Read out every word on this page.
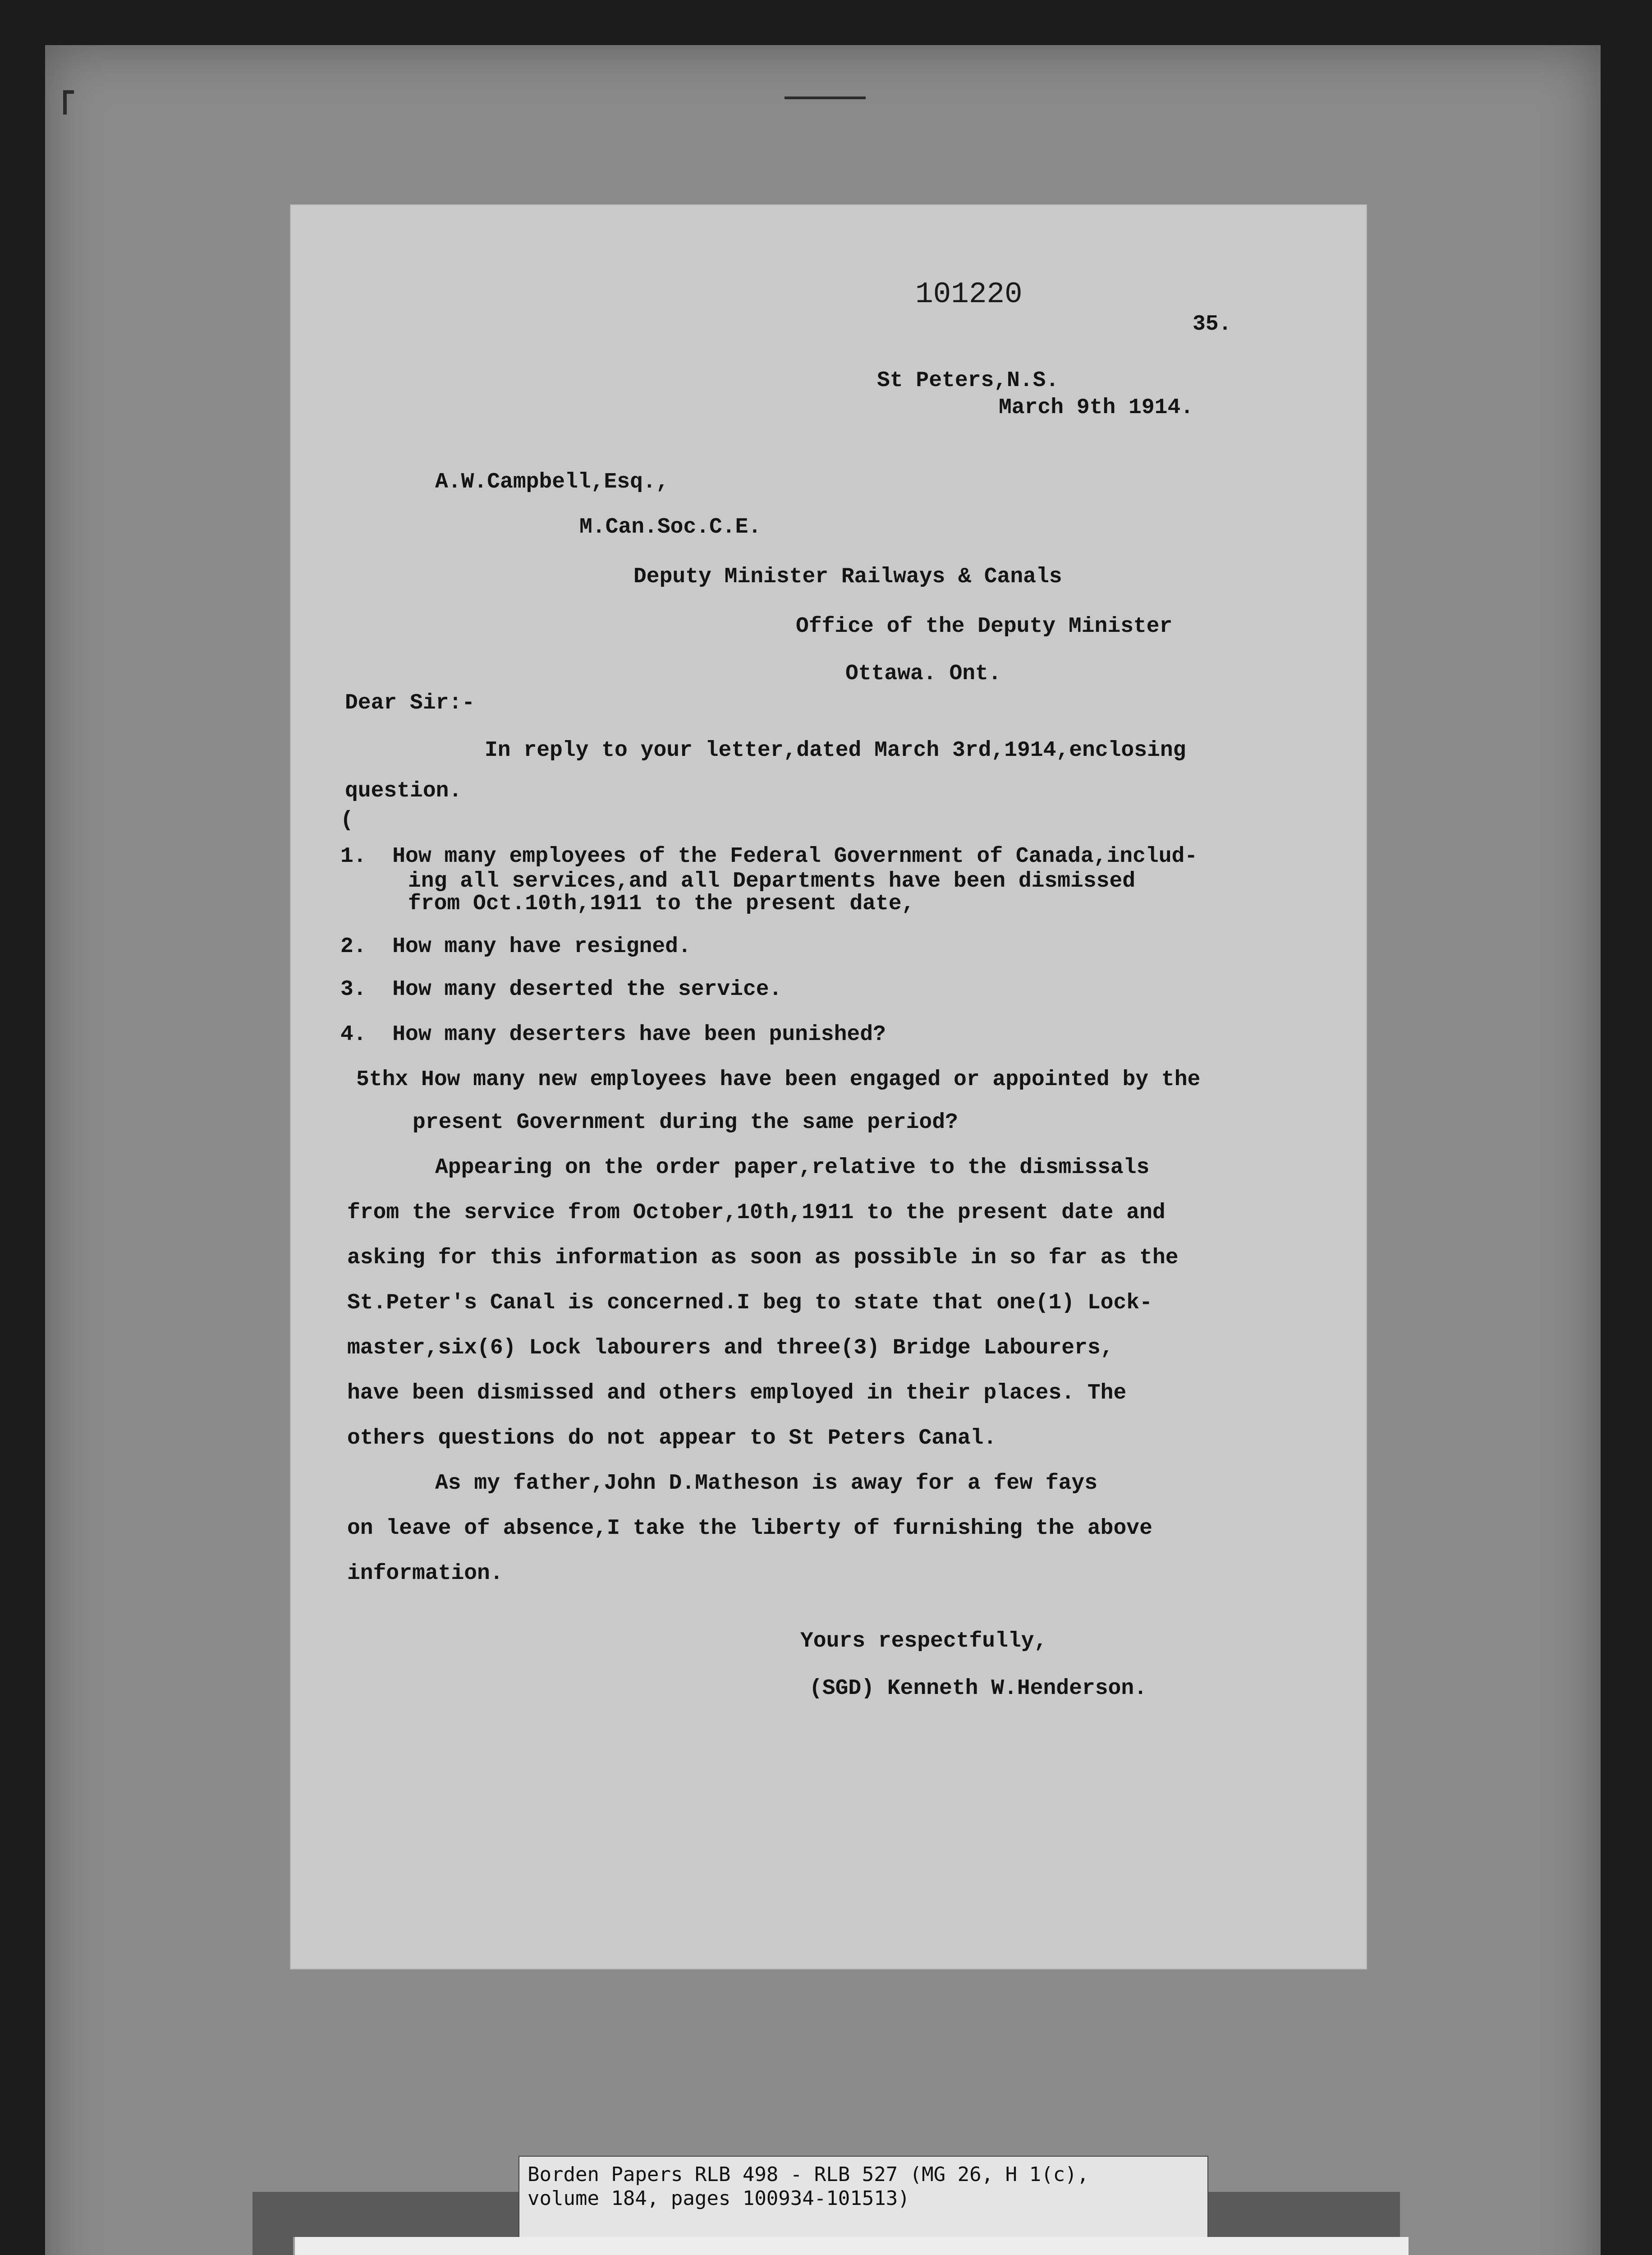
101220
35.
St Peters,N.S.
March 9th 1914.
A.W.Campbell,Esq.,
M.Can.Soc.C.E.
Deputy Minister Railways & Canals
Office of the Deputy Minister
Ottawa. Ont.
Dear Sir:-
In reply to your letter,dated March 3rd,1914,enclosing
question.
(
1.  How many employees of the Federal Government of Canada,includ-
ing all services,and all Departments have been dismissed
from Oct.10th,1911 to the present date,
2.  How many have resigned.
3.  How many deserted the service.
4.  How many deserters have been punished?
5thx How many new employees have been engaged or appointed by the
present Government during the same period?
Appearing on the order paper,relative to the dismissals
from the service from October,10th,1911 to the present date and
asking for this information as soon as possible in so far as the
St.Peter's Canal is concerned.I beg to state that one(1) Lock-
master,six(6) Lock labourers and three(3) Bridge Labourers,
have been dismissed and others employed in their places. The
others questions do not appear to St Peters Canal.
As my father,John D.Matheson is away for a few fays
on leave of absence,I take the liberty of furnishing the above
information.
Yours respectfully,
(SGD) Kenneth W.Henderson.
Borden Papers RLB 498 - RLB 527 (MG 26, H 1(c),
volume 184, pages 100934-101513)
